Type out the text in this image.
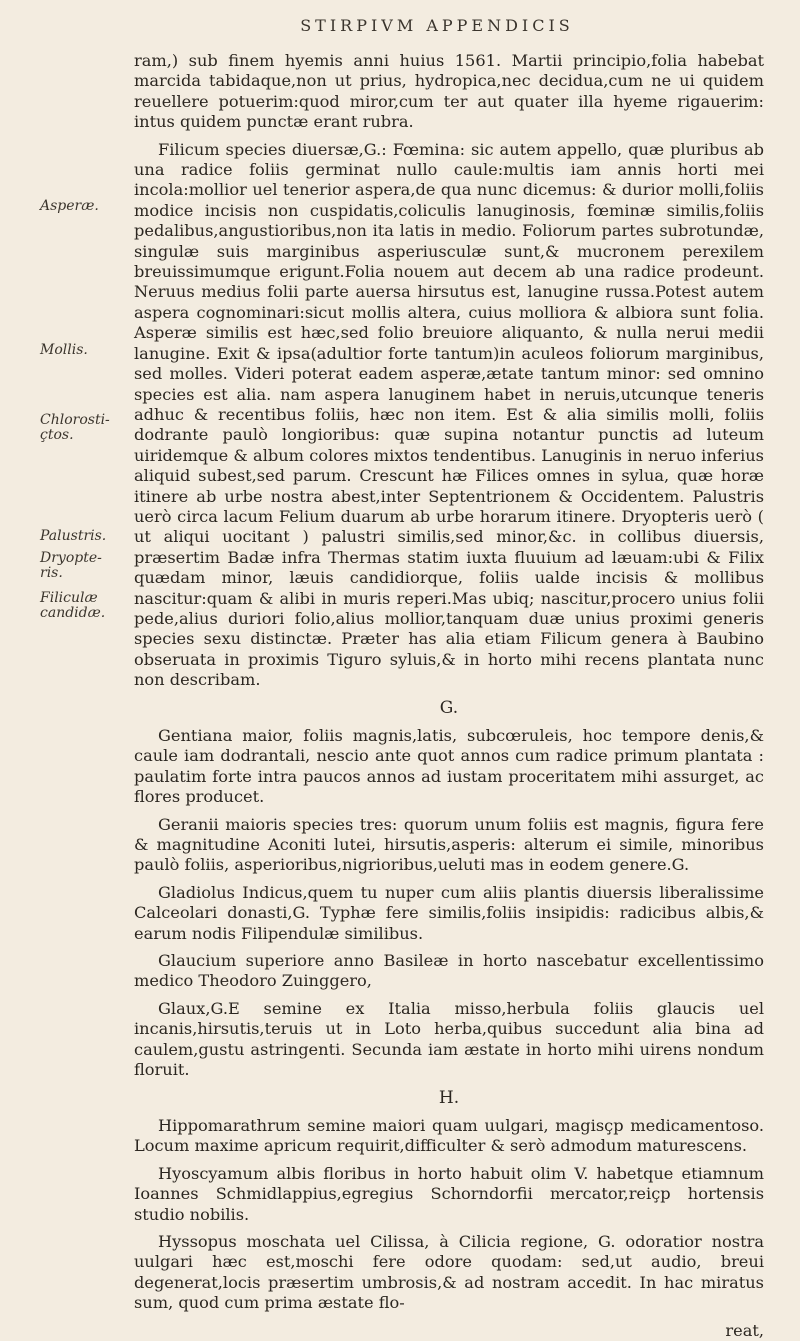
STIRPIVM APPENDICIS
Asperæ.
Mollis.
Chlorosti-
çtos.
Palustris.
Dryopte-
ris.
Filiculæ
candidæ.

ram,) sub finem hyemis anni huius 1561. Martii principio,folia habebat marcida tabidaque,non ut prius, hydropica,nec decidua,cum ne ui quidem reuellere potuerim:quod miror,cum ter aut quater illa hyeme rigauerim: intus quidem punctæ erant rubra.

Filicum species diuersæ,G.: Fœmina: sic autem appello, quæ pluribus ab una radice foliis germinat nullo caule:multis iam annis horti mei incola:mollior uel tenerior aspera,de qua nunc dicemus: & durior molli,foliis modice incisis non cuspidatis,coliculis lanuginosis, fœminæ similis,foliis pedalibus,angustioribus,non ita latis in medio. Foliorum partes subrotundæ, singulæ suis marginibus asperiusculæ sunt,& mucronem perexilem breuissimumque erigunt.Folia nouem aut decem ab una radice prodeunt. Neruus medius folii parte auersa hirsutus est, lanugine russa.Potest autem aspera cognominari:sicut mollis altera, cuius molliora & albiora sunt folia. Asperæ similis est hæc,sed folio breuiore aliquanto, & nulla nerui medii lanugine. Exit & ipsa(adultior forte tantum)in aculeos foliorum marginibus, sed molles. Videri poterat eadem asperæ,ætate tantum minor: sed omnino species est alia. nam aspera lanuginem habet in neruis,utcunque teneris adhuc & recentibus foliis, hæc non item. Est & alia similis molli, foliis dodrante paulò longioribus: quæ supina notantur punctis ad luteum uiridemque & album colores mixtos tendentibus. Lanuginis in neruo inferius aliquid subest,sed parum. Crescunt hæ Filices omnes in sylua, quæ horæ itinere ab urbe nostra abest,inter Septentrionem & Occidentem. Palustris uerò circa lacum Felium duarum ab urbe horarum itinere. Dryopteris uerò ( ut aliqui uocitant ) palustri similis,sed minor,&c. in collibus diuersis, præsertim Badæ infra Thermas statim iuxta fluuium ad læuam:ubi & Filix quædam minor, læuis candidiorque, foliis ualde incisis & mollibus nascitur:quam & alibi in muris reperi.Mas ubiq; nascitur,procero unius folii pede,alius duriori folio,alius mollior,tanquam duæ unius proximi generis species sexu distinctæ. Præter has alia etiam Filicum genera à Baubino obseruata in proximis Tiguro syluis,& in horto mihi recens plantata nunc non describam.

G.

Gentiana maior, foliis magnis,latis, subcœruleis, hoc tempore denis,& caule iam dodrantali, nescio ante quot annos cum radice primum plantata : paulatim forte intra paucos annos ad iustam proceritatem mihi assurget, ac flores producet.

Geranii maioris species tres: quorum unum foliis est magnis, figura fere & magnitudine Aconiti lutei, hirsutis,asperis: alterum ei simile, minoribus paulò foliis, asperioribus,nigrioribus,ueluti mas in eodem genere.G.

Gladiolus Indicus,quem tu nuper cum aliis plantis diuersis liberalissime Calceolari donasti,G. Typhæ fere similis,foliis insipidis: radicibus albis,& earum nodis Filipendulæ similibus.

Glaucium superiore anno Basileæ in horto nascebatur excellentissimo medico Theodoro Zuinggero,

Glaux,G.E semine ex Italia misso,herbula foliis glaucis uel incanis,hirsutis,teruis ut in Loto herba,quibus succedunt alia bina ad caulem,gustu astringenti. Secunda iam æstate in horto mihi uirens nondum floruit.

H.

Hippomarathrum semine maiori quam uulgari, magisçp medicamentoso. Locum maxime apricum requirit,difficulter & serò admodum maturescens.

Hyoscyamum albis floribus in horto habuit olim V. habetque etiamnum Ioannes Schmidlappius,egregius Schorndorfii mercator,reiçp hortensis studio nobilis.

Hyssopus moschata uel Cilissa, à Cilicia regione, G. odoratior nostra uulgari hæc est,moschi fere odore quodam: sed,ut audio, breui degenerat,locis præsertim umbrosis,& ad nostram accedit. In hac miratus sum, quod cum prima æstate flo-

reat,
